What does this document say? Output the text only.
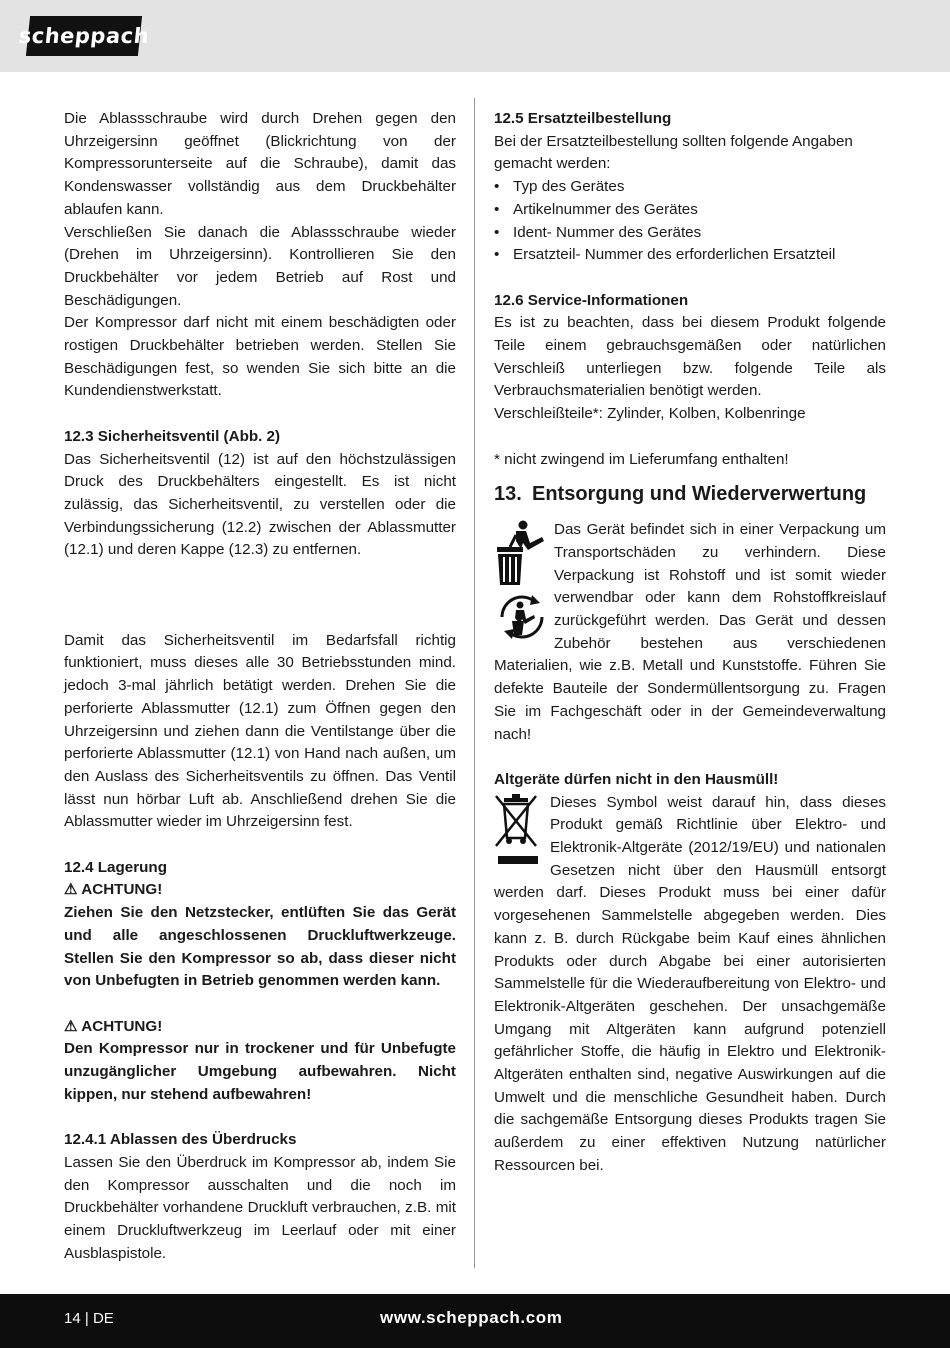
scheppach

Die Ablassschraube wird durch Drehen gegen den Uhrzeigersinn geöffnet (Blickrichtung von der Kompressorunterseite auf die Schraube), damit das Kondenswasser vollständig aus dem Druckbehälter ablaufen kann.

Verschließen Sie danach die Ablassschraube wieder (Drehen im Uhrzeigersinn). Kontrollieren Sie den Druckbehälter vor jedem Betrieb auf Rost und Beschädigungen.

Der Kompressor darf nicht mit einem beschädigten oder rostigen Druckbehälter betrieben werden. Stellen Sie Beschädigungen fest, so wenden Sie sich bitte an die Kundendienstwerkstatt.

12.3 Sicherheitsventil (Abb. 2)

Das Sicherheitsventil (12) ist auf den höchstzulässigen Druck des Druckbehälters eingestellt. Es ist nicht zulässig, das Sicherheitsventil, zu verstellen oder die Verbindungssicherung (12.2) zwischen der Ablassmutter (12.1) und deren Kappe (12.3) zu entfernen.

Damit das Sicherheitsventil im Bedarfsfall richtig funktioniert, muss dieses alle 30 Betriebsstunden mind. jedoch 3-mal jährlich betätigt werden. Drehen Sie die perforierte Ablassmutter (12.1) zum Öffnen gegen den Uhrzeigersinn und ziehen dann die Ventilstange über die perforierte Ablassmutter (12.1) von Hand nach außen, um den Auslass des Sicherheitsventils zu öffnen. Das Ventil lässt nun hörbar Luft ab. Anschließend drehen Sie die Ablassmutter wieder im Uhrzeigersinn fest.

12.4 Lagerung

⚠ ACHTUNG!

Ziehen Sie den Netzstecker, entlüften Sie das Gerät und alle angeschlossenen Druckluftwerkzeuge. Stellen Sie den Kompressor so ab, dass dieser nicht von Unbefugten in Betrieb genommen werden kann.

⚠ ACHTUNG!

Den Kompressor nur in trockener und für Unbefugte unzugänglicher Umgebung aufbewahren. Nicht kippen, nur stehend aufbewahren!

12.4.1 Ablassen des Überdrucks

Lassen Sie den Überdruck im Kompressor ab, indem Sie den Kompressor ausschalten und die noch im Druckbehälter vorhandene Druckluft verbrauchen, z.B. mit einem Druckluftwerkzeug im Leerlauf oder mit einer Ausblaspistole.

12.5 Ersatzteilbestellung

Bei der Ersatzteilbestellung sollten folgende Angaben gemacht werden:

• Typ des Gerätes
• Artikelnummer des Gerätes
• Ident- Nummer des Gerätes
• Ersatzteil- Nummer des erforderlichen Ersatzteil

12.6 Service-Informationen

Es ist zu beachten, dass bei diesem Produkt folgende Teile einem gebrauchsgemäßen oder natürlichen Verschleiß unterliegen bzw. folgende Teile als Verbrauchsmaterialien benötigt werden.

Verschleißteile*: Zylinder, Kolben, Kolbenringe

* nicht zwingend im Lieferumfang enthalten!

13. Entsorgung und Wiederverwertung

Das Gerät befindet sich in einer Verpackung um Transportschäden zu verhindern. Diese Verpackung ist Rohstoff und ist somit wieder verwendbar oder kann dem Rohstoffkreislauf zurückgeführt werden. Das Gerät und dessen Zubehör bestehen aus verschiedenen Materialien, wie z.B. Metall und Kunststoffe. Führen Sie defekte Bauteile der Sondermüllentsorgung zu. Fragen Sie im Fachgeschäft oder in der Gemeindeverwaltung nach!

Altgeräte dürfen nicht in den Hausmüll!

Dieses Symbol weist darauf hin, dass dieses Produkt gemäß Richtlinie über Elektro- und Elektronik-Altgeräte (2012/19/EU) und nationalen Gesetzen nicht über den Hausmüll entsorgt werden darf. Dieses Produkt muss bei einer dafür vorgesehenen Sammelstelle abgegeben werden. Dies kann z. B. durch Rückgabe beim Kauf eines ähnlichen Produkts oder durch Abgabe bei einer autorisierten Sammelstelle für die Wiederaufbereitung von Elektro- und Elektronik-Altgeräten geschehen. Der unsachgemäße Umgang mit Altgeräten kann aufgrund potenziell gefährlicher Stoffe, die häufig in Elektro und Elektronik-Altgeräten enthalten sind, negative Auswirkungen auf die Umwelt und die menschliche Gesundheit haben. Durch die sachgemäße Entsorgung dieses Produkts tragen Sie außerdem zu einer effektiven Nutzung natürlicher Ressourcen bei.

14 | DE	www.scheppach.com
